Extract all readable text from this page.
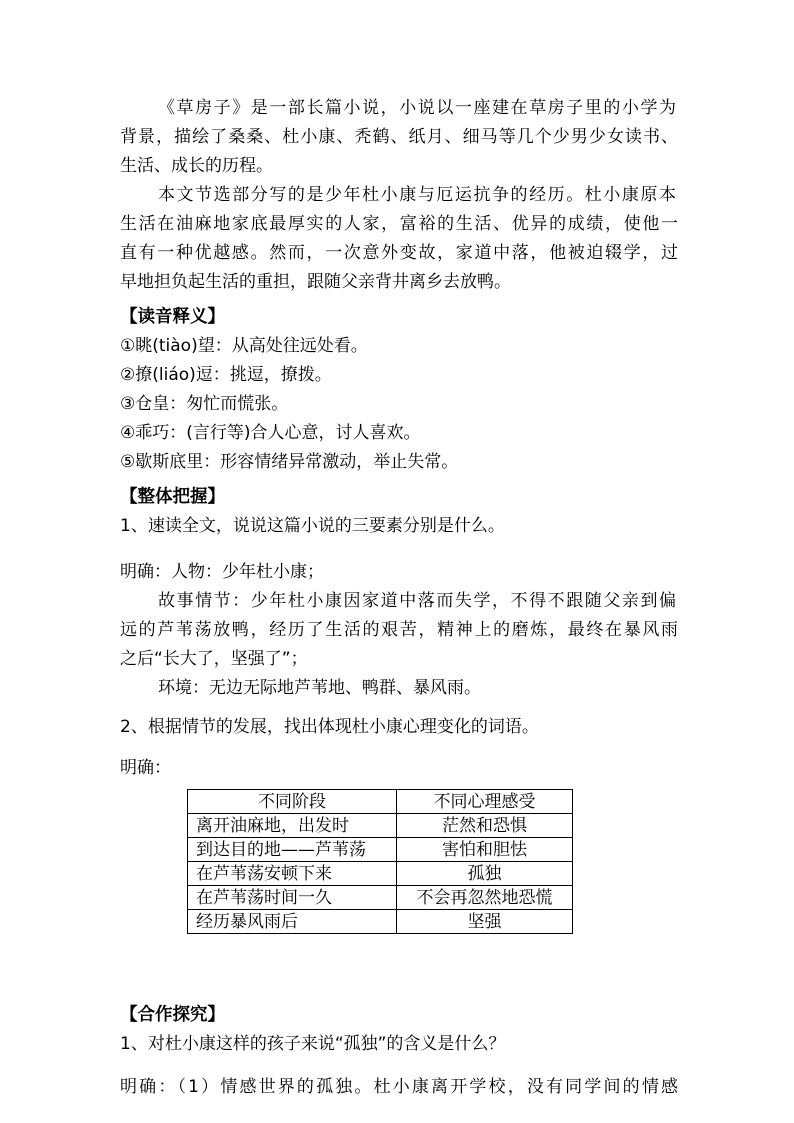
《草房子》是一部长篇小说，小说以一座建在草房子里的小学为
背景，描绘了桑桑、杜小康、秃鹤、纸月、细马等几个少男少女读书、
生活、成长的历程。
本文节选部分写的是少年杜小康与厄运抗争的经历。杜小康原本
生活在油麻地家底最厚实的人家，富裕的生活、优异的成绩，使他一
直有一种优越感。然而，一次意外变故，家道中落，他被迫辍学，过
早地担负起生活的重担，跟随父亲背井离乡去放鸭。
【读音释义】
①眺(tiào)望：从高处往远处看。
②撩(liáo)逗：挑逗，撩拨。
③仓皇：匆忙而慌张。
④乖巧：(言行等)合人心意，讨人喜欢。
⑤歇斯底里：形容情绪异常激动，举止失常。
【整体把握】
1、速读全文，说说这篇小说的三要素分别是什么。
明确：人物：少年杜小康；
故事情节：少年杜小康因家道中落而失学，不得不跟随父亲到偏
远的芦苇荡放鸭，经历了生活的艰苦，精神上的磨炼，最终在暴风雨
之后“长大了，坚强了”；
环境：无边无际地芦苇地、鸭群、暴风雨。
2、根据情节的发展，找出体现杜小康心理变化的词语。
明确：
不同阶段	不同心理感受
离开油麻地，出发时	茫然和恐惧
到达目的地——芦苇荡	害怕和胆怯
在芦苇荡安顿下来	孤独
在芦苇荡时间一久	不会再忽然地恐慌
经历暴风雨后	坚强
【合作探究】
1、对杜小康这样的孩子来说“孤独”的含义是什么？
明确：（1）情感世界的孤独。杜小康离开学校，没有同学间的情感
